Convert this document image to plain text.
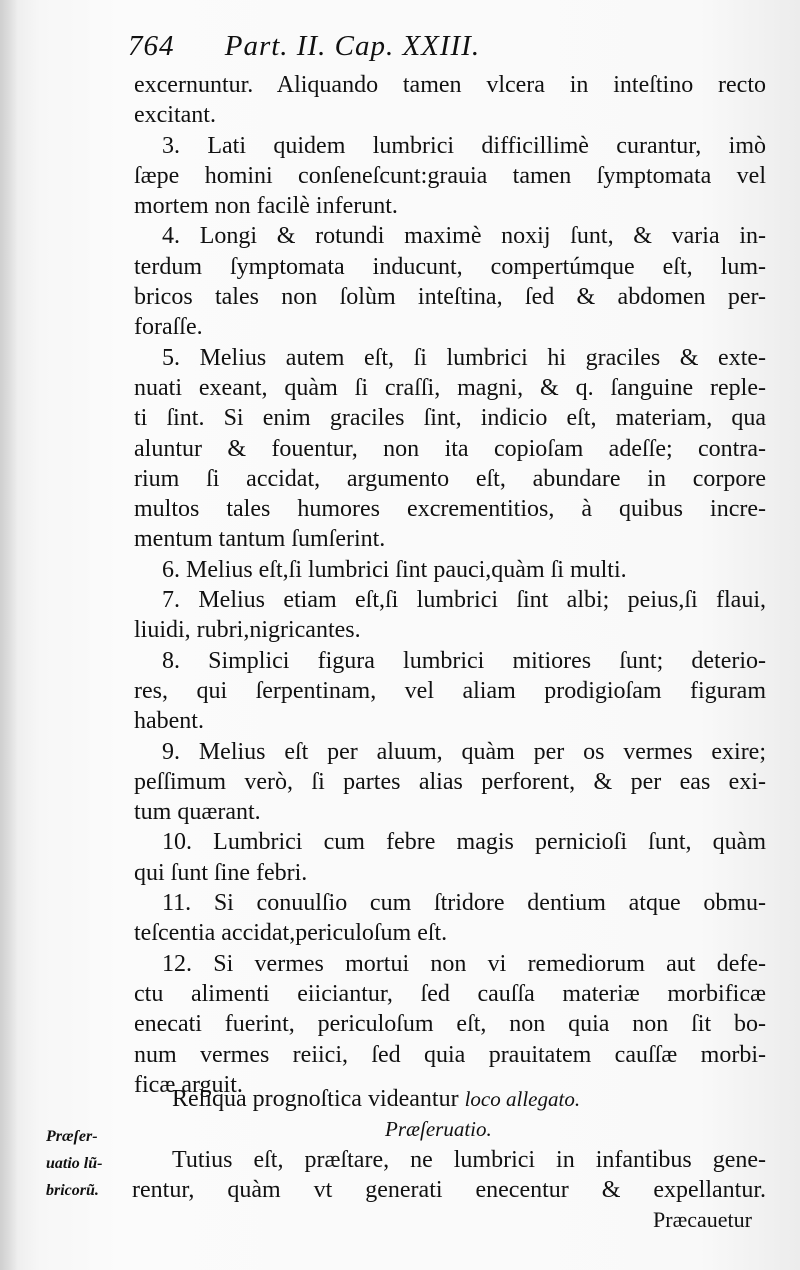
764 Part. II. Cap. XXIII.
excernuntur. Aliquando tamen vlcera in inteſtino recto
excitant.
3. Lati quidem lumbrici difficillimè curantur, imò
ſæpe homini conſeneſcunt:grauia tamen ſymptomata vel
mortem non facilè inferunt.
4. Longi & rotundi maximè noxij ſunt, & varia in-
terdum ſymptomata inducunt, compertúmque eſt, lum-
bricos tales non ſolùm inteſtina, ſed & abdomen per-
foraſſe.
5. Melius autem eſt, ſi lumbrici hi graciles & exte-
nuati exeant, quàm ſi craſſi, magni, & q. ſanguine reple-
ti ſint. Si enim graciles ſint, indicio eſt, materiam, qua
aluntur & fouentur, non ita copioſam adeſſe; contra-
rium ſi accidat, argumento eſt, abundare in corpore
multos tales humores excrementitios, à quibus incre-
mentum tantum ſumſerint.
6. Melius eſt,ſi lumbrici ſint pauci,quàm ſi multi.
7. Melius etiam eſt,ſi lumbrici ſint albi; peius,ſi flaui,
liuidi, rubri,nigricantes.
8. Simplici figura lumbrici mitiores ſunt; deterio-
res, qui ſerpentinam, vel aliam prodigioſam figuram
habent.
9. Melius eſt per aluum, quàm per os vermes exire;
peſſimum verò, ſi partes alias perforent, & per eas exi-
tum quærant.
10. Lumbrici cum febre magis pernicioſi ſunt, quàm
qui ſunt ſine febri.
11. Si conuulſio cum ſtridore dentium atque obmu-
teſcentia accidat,periculoſum eſt.
12. Si vermes mortui non vi remediorum aut defe-
ctu alimenti eiiciantur, ſed cauſſa materiæ morbificæ
enecati fuerint, periculoſum eſt, non quia non ſit bo-
num vermes reiici, ſed quia prauitatem cauſſæ morbi-
ficæ arguit.
Reliqua prognoſtica videantur loco allegato.
Præſeruatio.
Præſer- uatio lũ- bricorũ.
Tutius eſt, præſtare, ne lumbrici in infantibus gene-
rentur, quàm vt generati enecentur & expellantur.
Præcauetur
